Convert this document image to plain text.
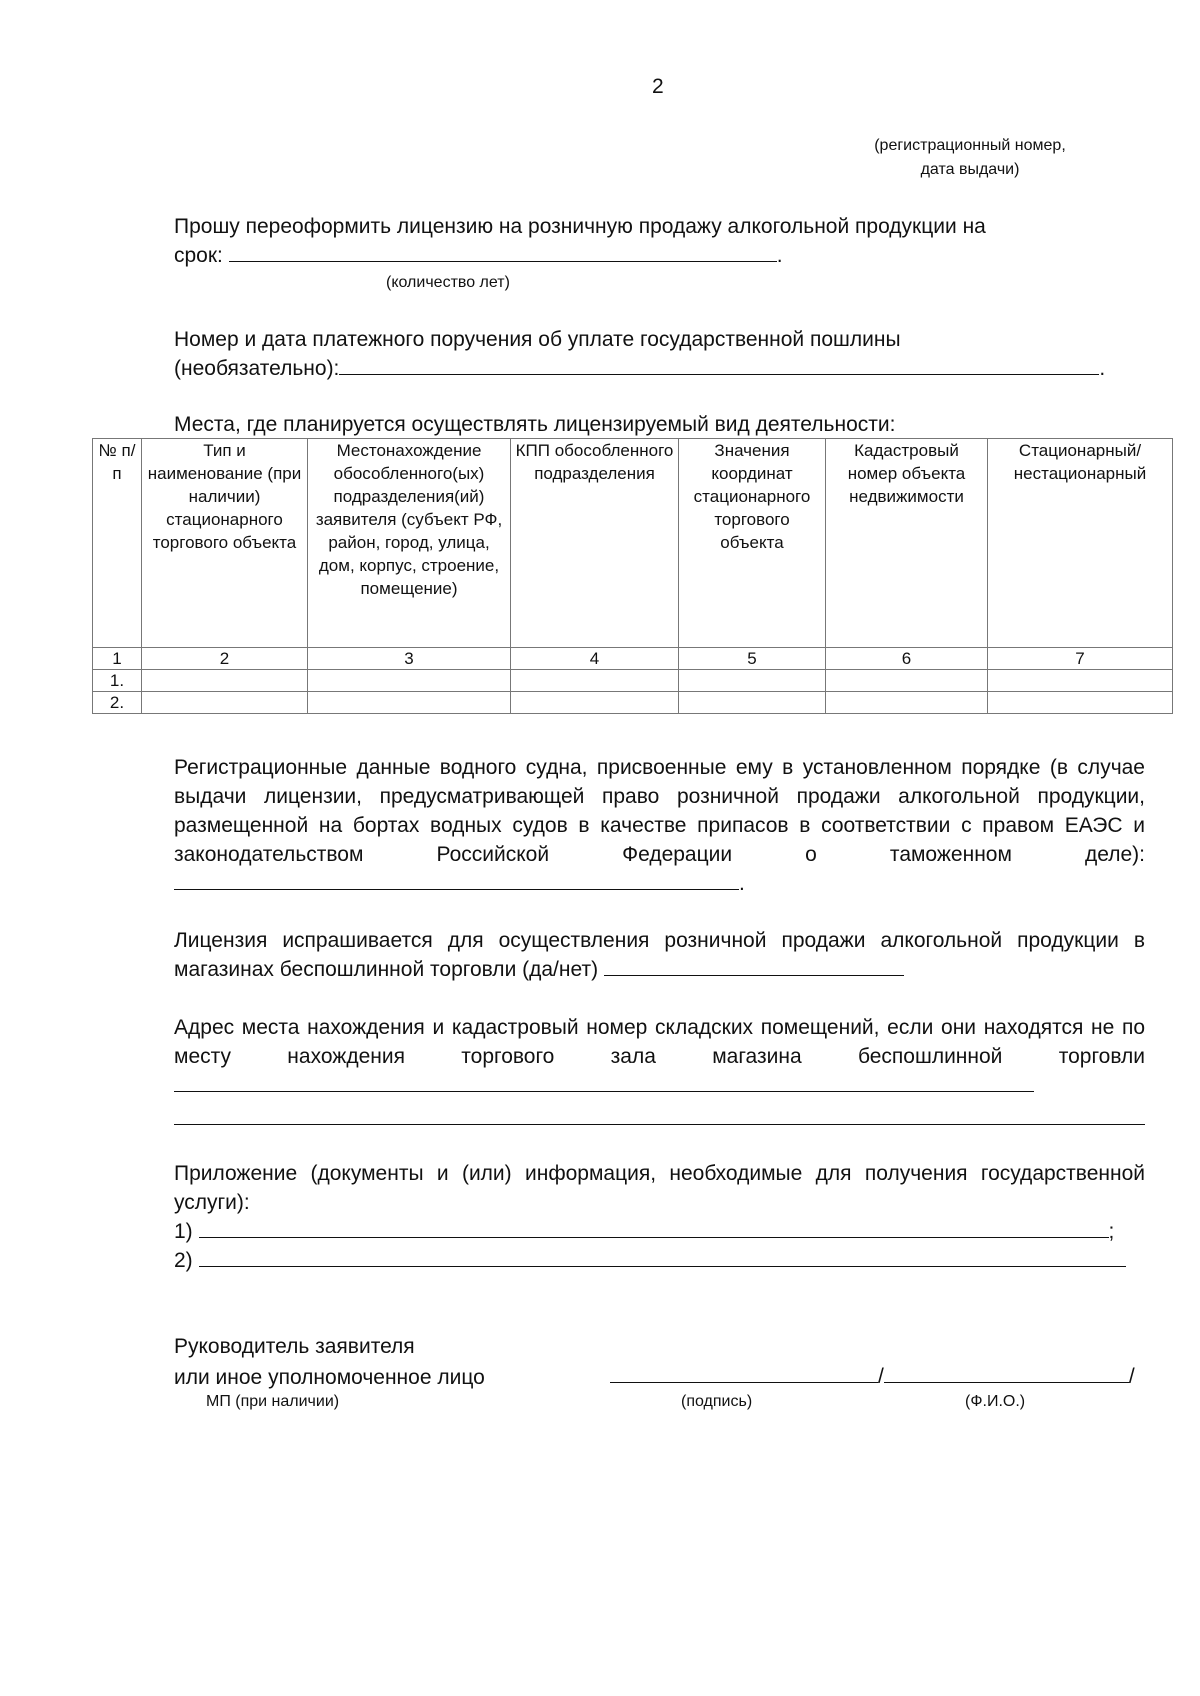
2
(регистрационный номер,
дата выдачи)
Прошу переоформить лицензию на розничную продажу алкогольной продукции на
срок:	.
(количество лет)
Номер и дата платежного поручения об уплате государственной пошлины
(необязательно):	.
Места, где планируется осуществлять лицензируемый вид деятельности:
№ п/п	Тип и наименование (при наличии) стационарного торгового объекта	Местонахождение обособленного(ых) подразделения(ий) заявителя (субъект РФ, район, город, улица, дом, корпус, строение, помещение)	КПП обособленного подразделения	Значения координат стационарного торгового объекта	Кадастровый номер объекта недвижимости	Стационарный/ нестационарный
1	2	3	4	5	6	7
1.						
2.						
Регистрационные данные водного судна, присвоенные ему в установленном порядке (в случае выдачи лицензии, предусматривающей право розничной продажи алкогольной продукции, размещенной на бортах водных судов в качестве припасов в соответствии с правом ЕАЭС и законодательством Российской Федерации о таможенном деле): .
Лицензия испрашивается для осуществления розничной продажи алкогольной продукции в магазинах беспошлинной торговли (да/нет)
Адрес места нахождения и кадастровый номер складских помещений, если они находятся не по месту нахождения торгового зала магазина беспошлинной торговли
Приложение (документы и (или) информация, необходимые для получения государственной услуги):
1)	;
2)
Руководитель заявителя
или иное уполномоченное лицо	/	/
МП (при наличии)	(подпись)	(Ф.И.О.)
